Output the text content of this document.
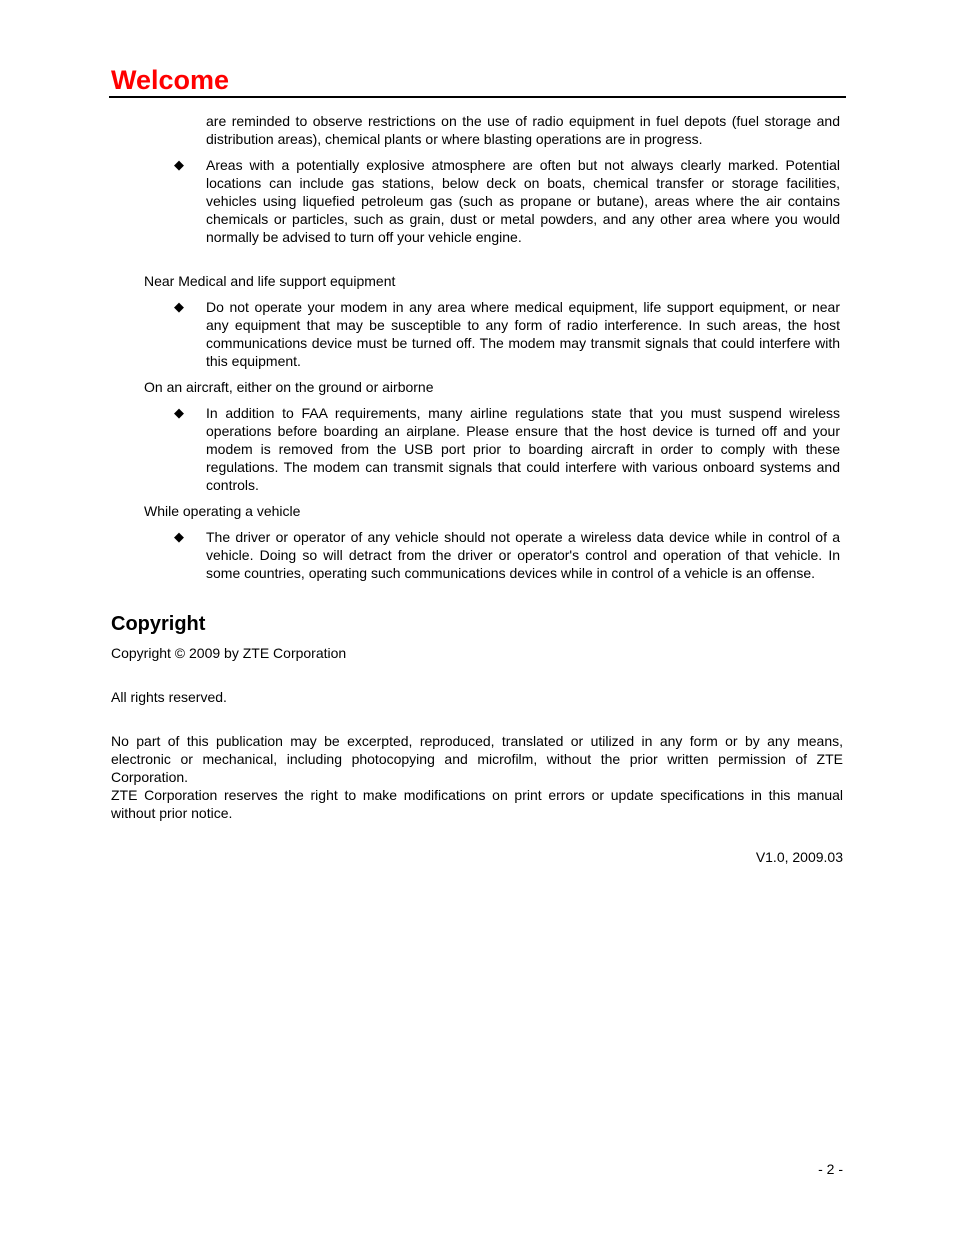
Welcome

are reminded to observe restrictions on the use of radio equipment in fuel depots (fuel storage and distribution areas), chemical plants or where blasting operations are in progress.

◆ Areas with a potentially explosive atmosphere are often but not always clearly marked. Potential locations can include gas stations, below deck on boats, chemical transfer or storage facilities, vehicles using liquefied petroleum gas (such as propane or butane), areas where the air contains chemicals or particles, such as grain, dust or metal powders, and any other area where you would normally be advised to turn off your vehicle engine.
Near Medical and life support equipment
◆ Do not operate your modem in any area where medical equipment, life support equipment, or near any equipment that may be susceptible to any form of radio interference. In such areas, the host communications device must be turned off. The modem may transmit signals that could interfere with this equipment.
On an aircraft, either on the ground or airborne
◆ In addition to FAA requirements, many airline regulations state that you must suspend wireless operations before boarding an airplane. Please ensure that the host device is turned off and your modem is removed from the USB port prior to boarding aircraft in order to comply with these regulations. The modem can transmit signals that could interfere with various onboard systems and controls.
While operating a vehicle
◆ The driver or operator of any vehicle should not operate a wireless data device while in control of a vehicle. Doing so will detract from the driver or operator's control and operation of that vehicle. In some countries, operating such communications devices while in control of a vehicle is an offense.
Copyright

Copyright © 2009 by ZTE Corporation

All rights reserved.

No part of this publication may be excerpted, reproduced, translated or utilized in any form or by any means, electronic or mechanical, including photocopying and microfilm, without the prior written permission of ZTE Corporation.

ZTE Corporation reserves the right to make modifications on print errors or update specifications in this manual without prior notice.

V1.0, 2009.03

- 2 -
